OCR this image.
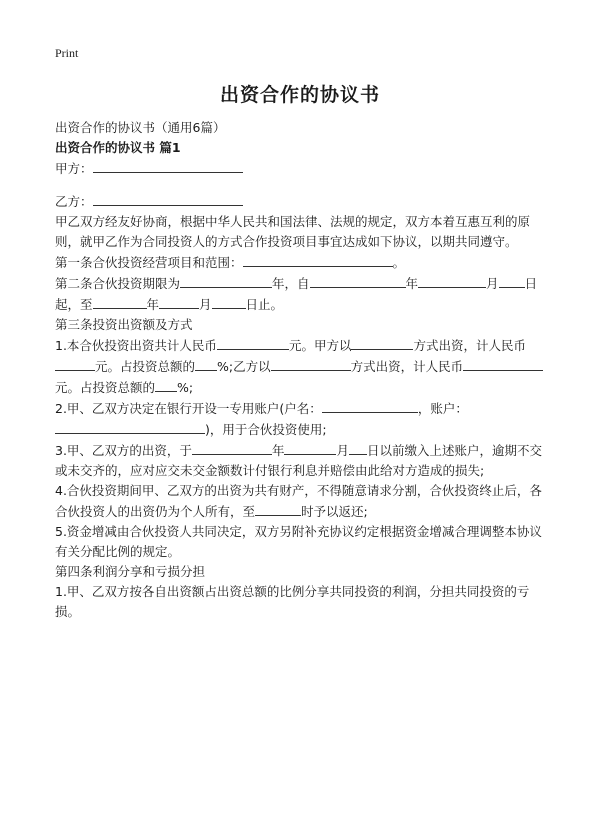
Print
出资合作的协议书

出资合作的协议书（通用6篇）

出资合作的协议书 篇1

甲方：

乙方：

甲乙双方经友好协商，根据中华人民共和国法律、法规的规定，双方本着互惠互利的原则，就甲乙作为合同投资人的方式合作投资项目事宜达成如下协议，以期共同遵守。

第一条合伙投资经营项目和范围：	。

第二条合伙投资期限为	年，自	年	月 日起，至	年	月	日止。

第三条投资出资额及方式

1.本合伙投资出资共计人民币	元。甲方以	方式出资，计人民币元。占投资总额的 %;乙方以	方式出资，计人民币元。占投资总额的 %;

2.甲、乙双方决定在银行开设一专用账户(户名：	，账户：)，用于合伙投资使用;

3.甲、乙双方的出资，于	年	月 日以前缴入上述账户，逾期不交或未交齐的，应对应交未交金额数计付银行利息并赔偿由此给对方造成的损失;

4.合伙投资期间甲、乙双方的出资为共有财产，不得随意请求分割，合伙投资终止后，各合伙投资人的出资仍为个人所有，至	时予以返还;

5.资金增减由合伙投资人共同决定，双方另附补充协议约定根据资金增减合理调整本协议有关分配比例的规定。

第四条利润分享和亏损分担

1.甲、乙双方按各自出资额占出资总额的比例分享共同投资的利润，分担共同投资的亏损。
